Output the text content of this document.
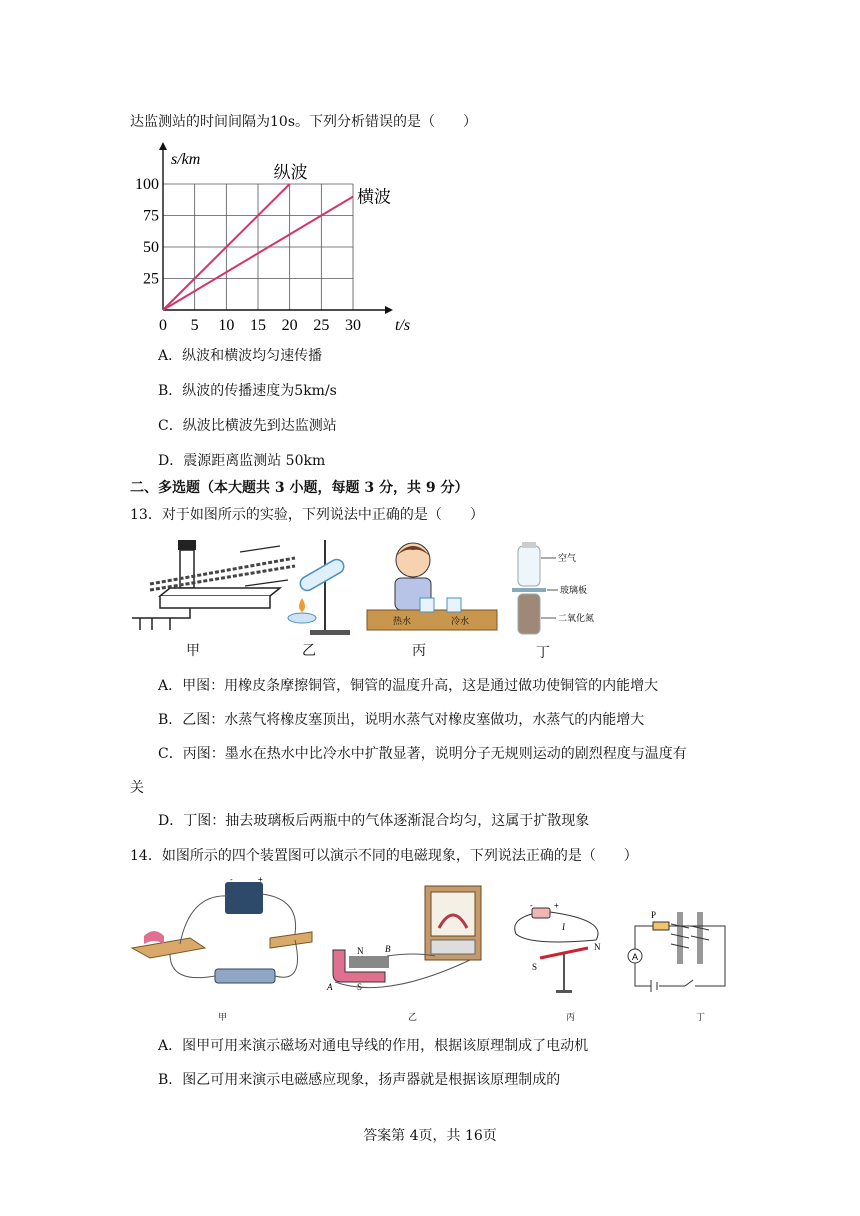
达监测站的时间间隔为10s。下列分析错误的是（　　）
0 5 10 15 20 25 30
25
50
75
100
t/s
s/km
纵波
横波
A．纵波和横波均匀速传播
B．纵波的传播速度为5km/s
C．纵波比横波先到达监测站
D．震源距离监测站 50km
二、多选题（本大题共 3 小题，每题 3 分，共 9 分）
13．对于如图所示的实验，下列说法中正确的是（　　）
甲	乙
热水	冷水
丙
空气
玻璃板
二氧化氮
丁
A．甲图：用橡皮条摩擦铜管，铜管的温度升高，这是通过做功使铜管的内能增大
B．乙图：水蒸气将橡皮塞顶出，说明水蒸气对橡皮塞做功，水蒸气的内能增大
C．丙图：墨水在热水中比冷水中扩散显著，说明分子无规则运动的剧烈程度与温度有
关
D．丁图：抽去玻璃板后两瓶中的气体逐渐混合均匀，这属于扩散现象
14．如图所示的四个装置图可以演示不同的电磁现象，下列说法正确的是（　　）
-	+
甲
N
S
A
B
乙
-	+
I
S
N
丙
P
A
丁
A．图甲可用来演示磁场对通电导线的作用，根据该原理制成了电动机
B．图乙可用来演示电磁感应现象，扬声器就是根据该原理制成的
答案第 4页，共 16页
